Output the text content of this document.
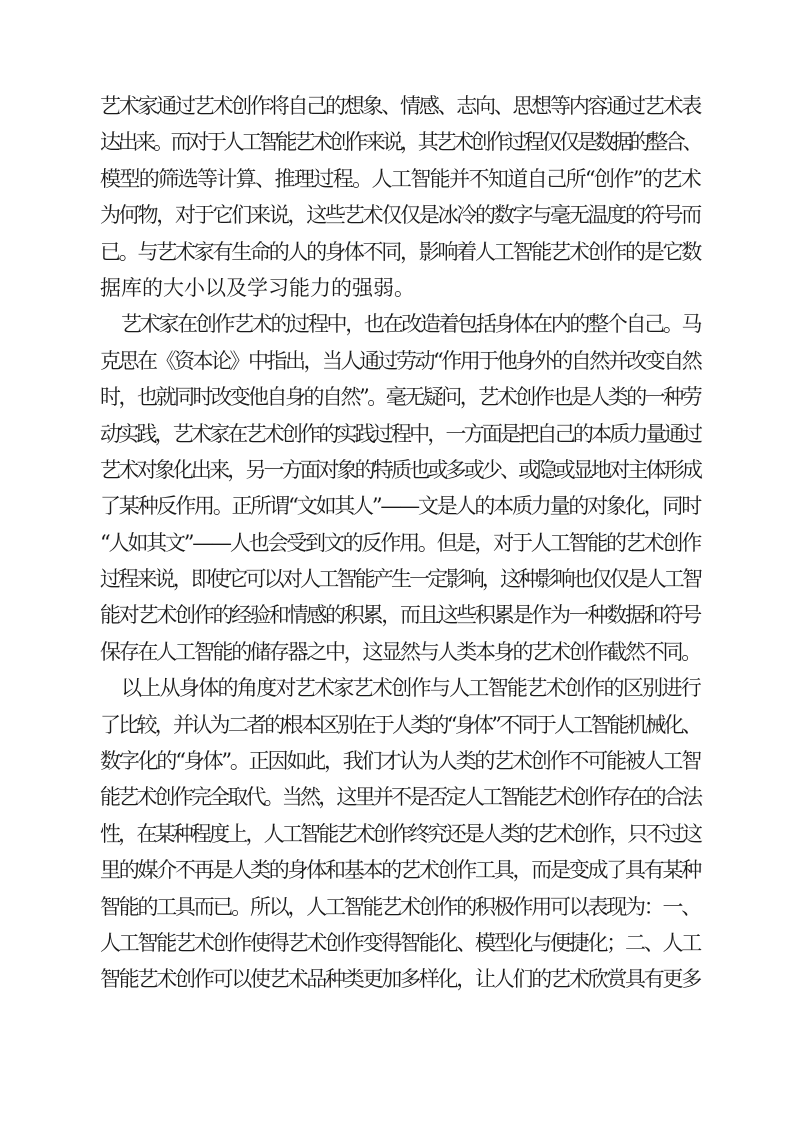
艺术家通过艺术创作将自己的想象、情感、志向、思想等内容通过艺术表
达出来。而对于人工智能艺术创作来说，其艺术创作过程仅仅是数据的整合、
模型的筛选等计算、推理过程。人工智能并不知道自己所“创作”的艺术
为何物，对于它们来说，这些艺术仅仅是冰冷的数字与毫无温度的符号而
已。与艺术家有生命的人的身体不同，影响着人工智能艺术创作的是它数
据库的大小以及学习能力的强弱。
艺术家在创作艺术的过程中，也在改造着包括身体在内的整个自己。马
克思在《资本论》中指出，当人通过劳动“作用于他身外的自然并改变自然
时，也就同时改变他自身的自然”。毫无疑问，艺术创作也是人类的一种劳
动实践，艺术家在艺术创作的实践过程中，一方面是把自己的本质力量通过
艺术对象化出来，另一方面对象的特质也或多或少、或隐或显地对主体形成
了某种反作用。正所谓“文如其人”——文是人的本质力量的对象化，同时
“人如其文”——人也会受到文的反作用。但是，对于人工智能的艺术创作
过程来说，即使它可以对人工智能产生一定影响，这种影响也仅仅是人工智
能对艺术创作的经验和情感的积累，而且这些积累是作为一种数据和符号
保存在人工智能的储存器之中，这显然与人类本身的艺术创作截然不同。
以上从身体的角度对艺术家艺术创作与人工智能艺术创作的区别进行
了比较，并认为二者的根本区别在于人类的“身体”不同于人工智能机械化、
数字化的“身体”。正因如此，我们才认为人类的艺术创作不可能被人工智
能艺术创作完全取代。当然，这里并不是否定人工智能艺术创作存在的合法
性，在某种程度上，人工智能艺术创作终究还是人类的艺术创作，只不过这
里的媒介不再是人类的身体和基本的艺术创作工具，而是变成了具有某种
智能的工具而已。所以，人工智能艺术创作的积极作用可以表现为：一、
人工智能艺术创作使得艺术创作变得智能化、模型化与便捷化；二、人工
智能艺术创作可以使艺术品种类更加多样化，让人们的艺术欣赏具有更多
